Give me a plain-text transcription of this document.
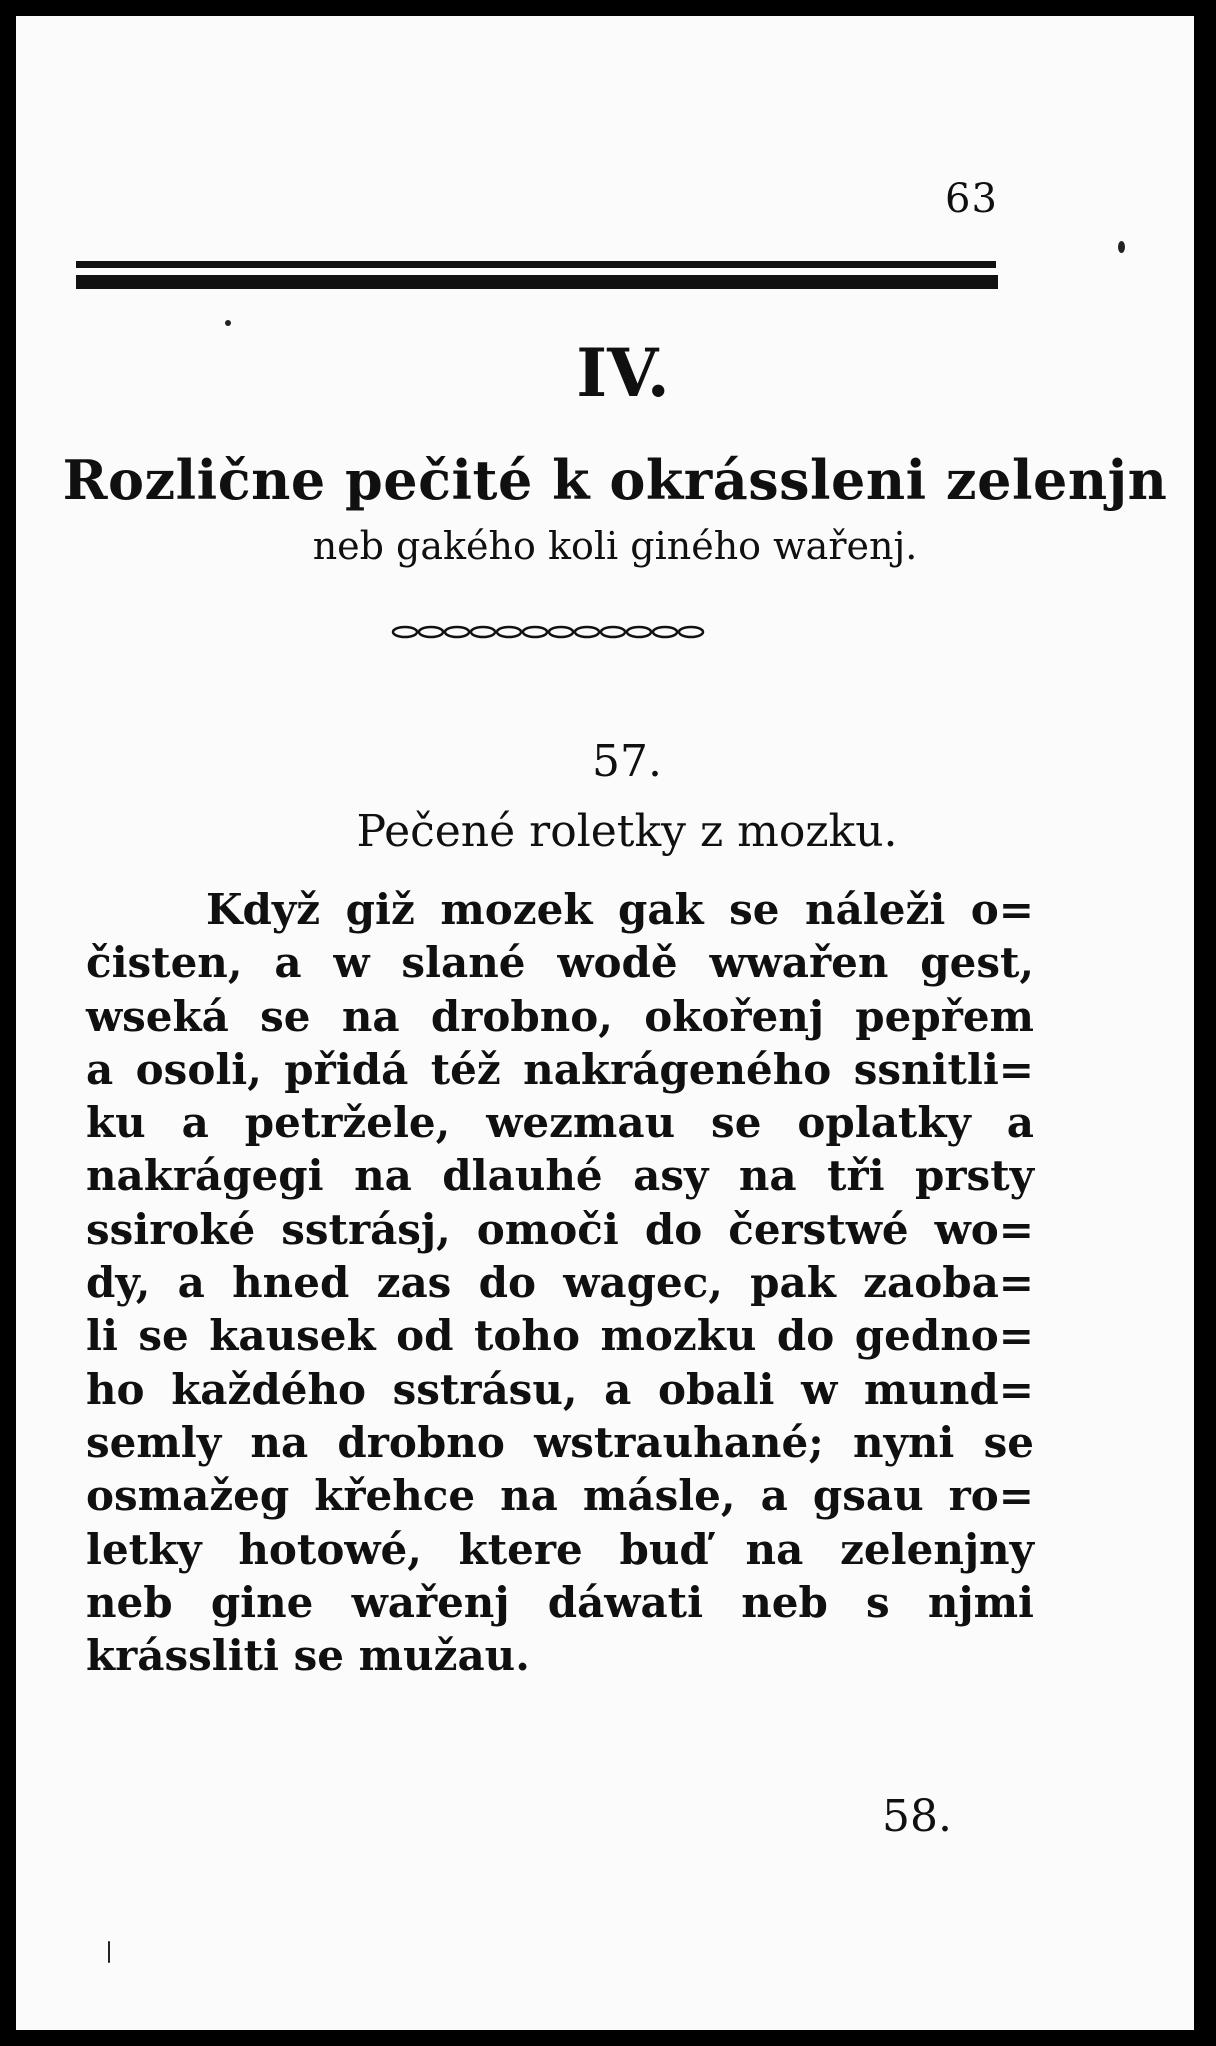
63
IV.
Rozlične pečité k okrássleni zelenjn
neb gakého koli giného wařenj.
57.
Pečené roletky z mozku.
Když giž mozek gak se náleži o=
čisten, a w slané wodě wwařen gest,
wseká se na drobno, okořenj pepřem
a osoli, přidá též nakrágeného ssnitli=
ku a petržele, wezmau se oplatky a
nakrágegi na dlauhé asy na tři prsty
ssiroké sstrásj, omoči do čerstwé wo=
dy, a hned zas do wagec, pak zaoba=
li se kausek od toho mozku do gedno=
ho každého sstrásu, a obali w mund=
semly na drobno wstrauhané; nyni se
osmažeg křehce na másle, a gsau ro=
letky hotowé, ktere buď na zelenjny
neb gine wařenj dáwati neb s njmi
krássliti se mužau.
58.
